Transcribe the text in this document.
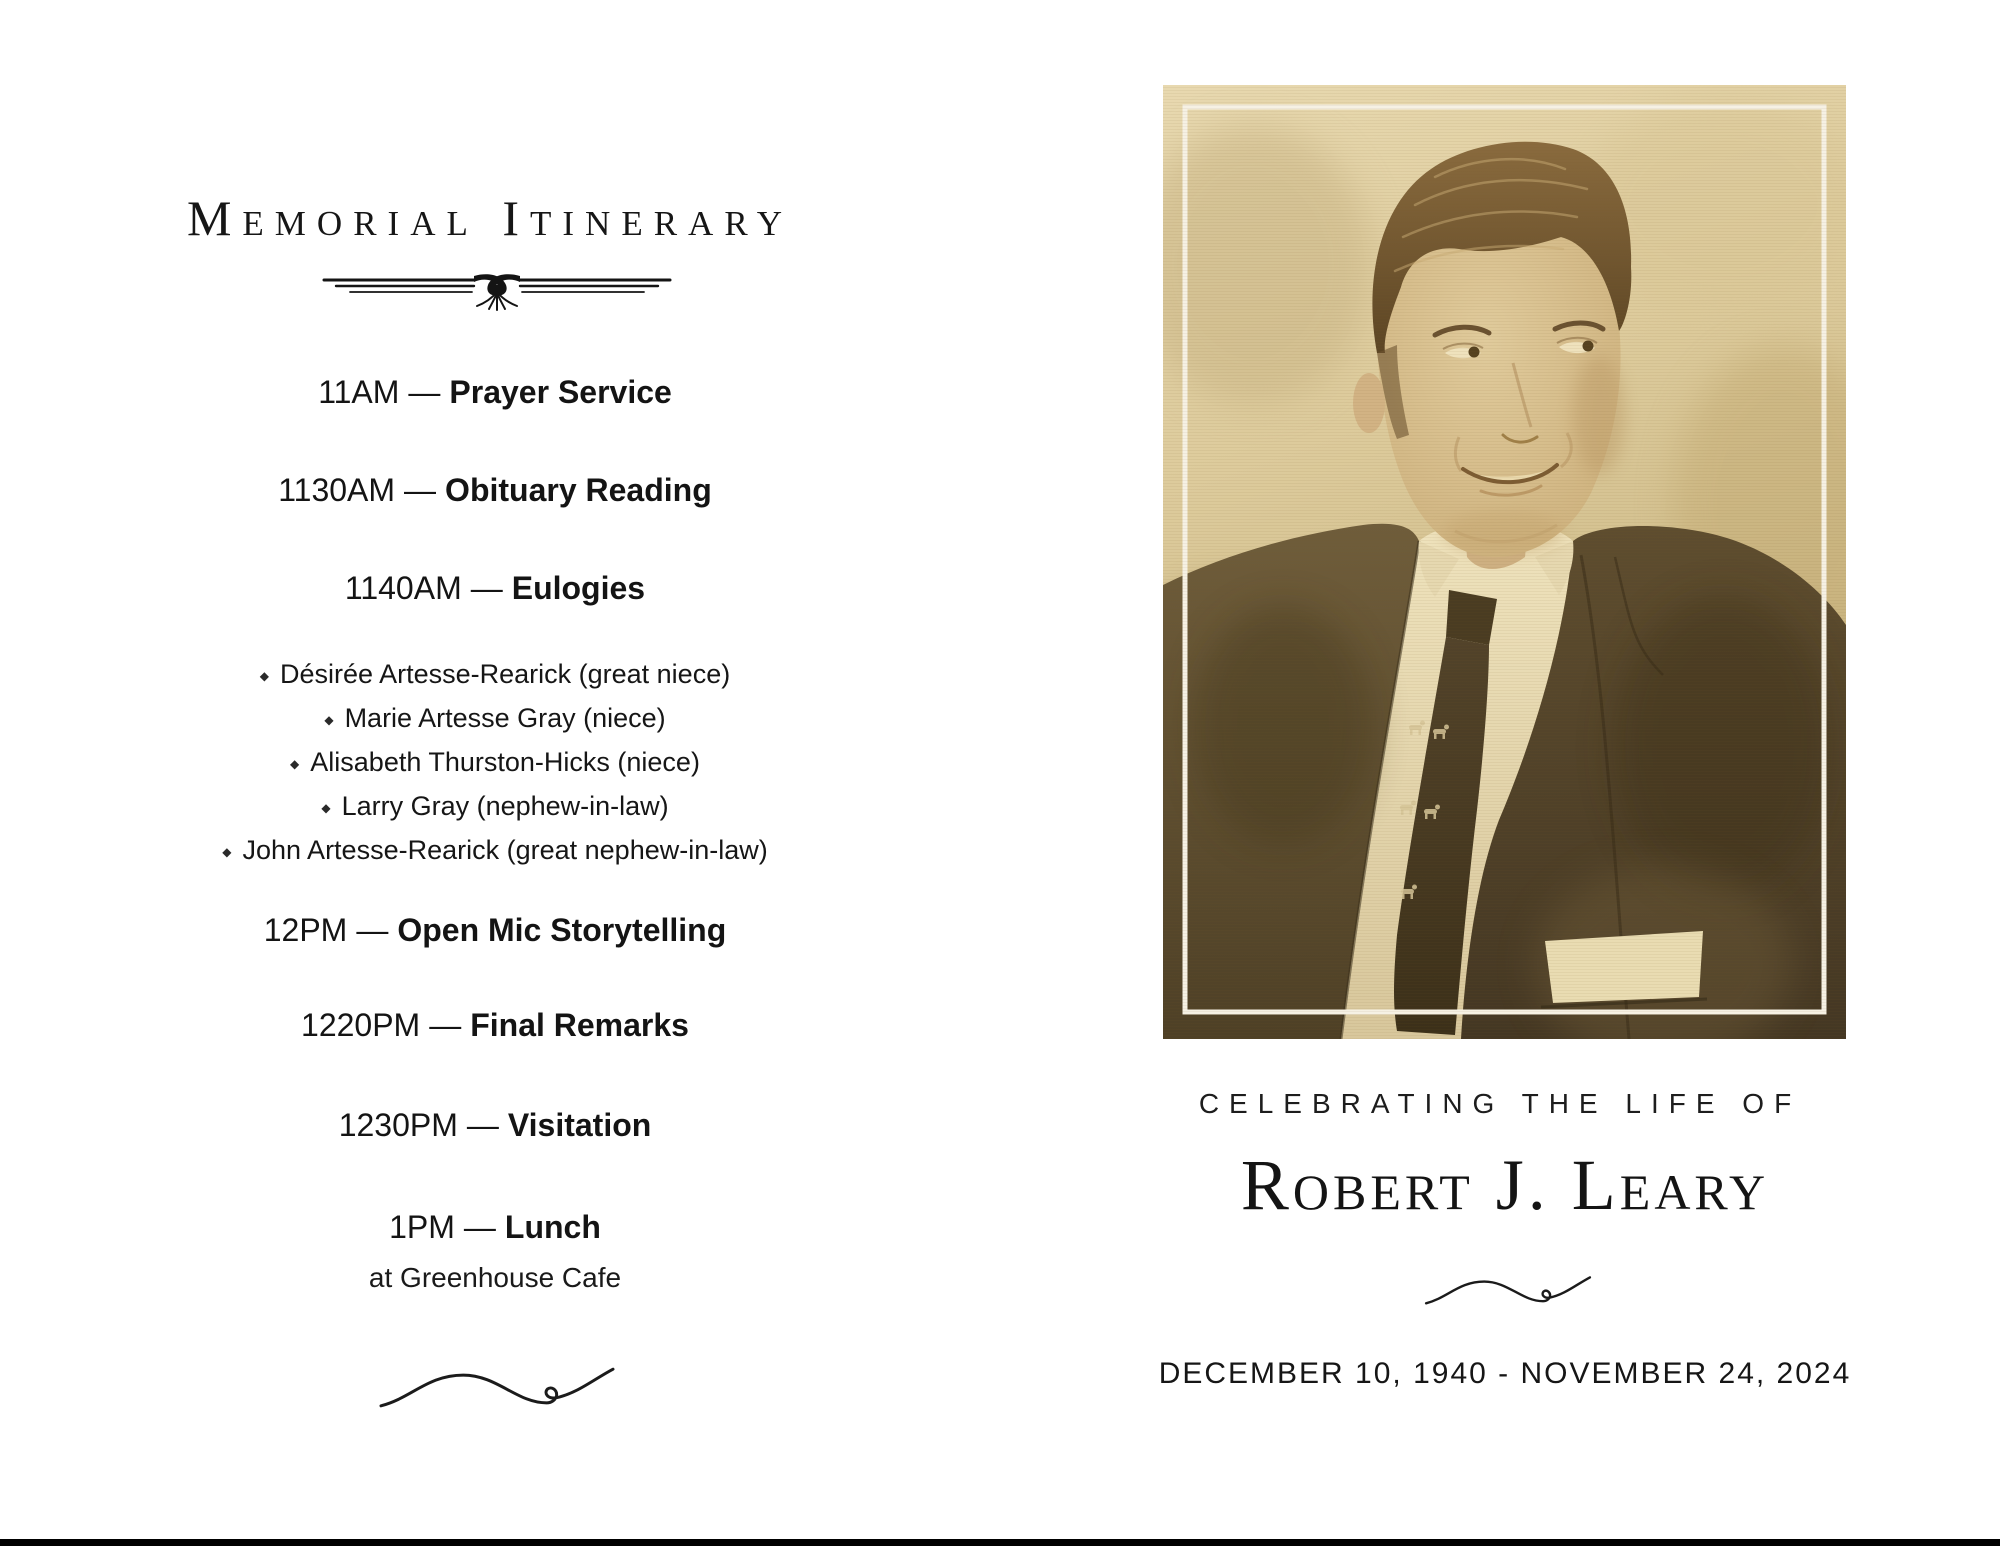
Memorial Itinerary
11AM — Prayer Service
1130AM — Obituary Reading
1140AM — Eulogies
◆ Désirée Artesse-Rearick (great niece)
◆ Marie Artesse Gray (niece)
◆ Alisabeth Thurston-Hicks (niece)
◆ Larry Gray (nephew-in-law)
◆ John Artesse-Rearick (great nephew-in-law)
12PM — Open Mic Storytelling
1220PM — Final Remarks
1230PM — Visitation
1PM — Lunch
at Greenhouse Cafe
CELEBRATING THE LIFE OF
Robert J. Leary
DECEMBER 10, 1940 - NOVEMBER 24, 2024
